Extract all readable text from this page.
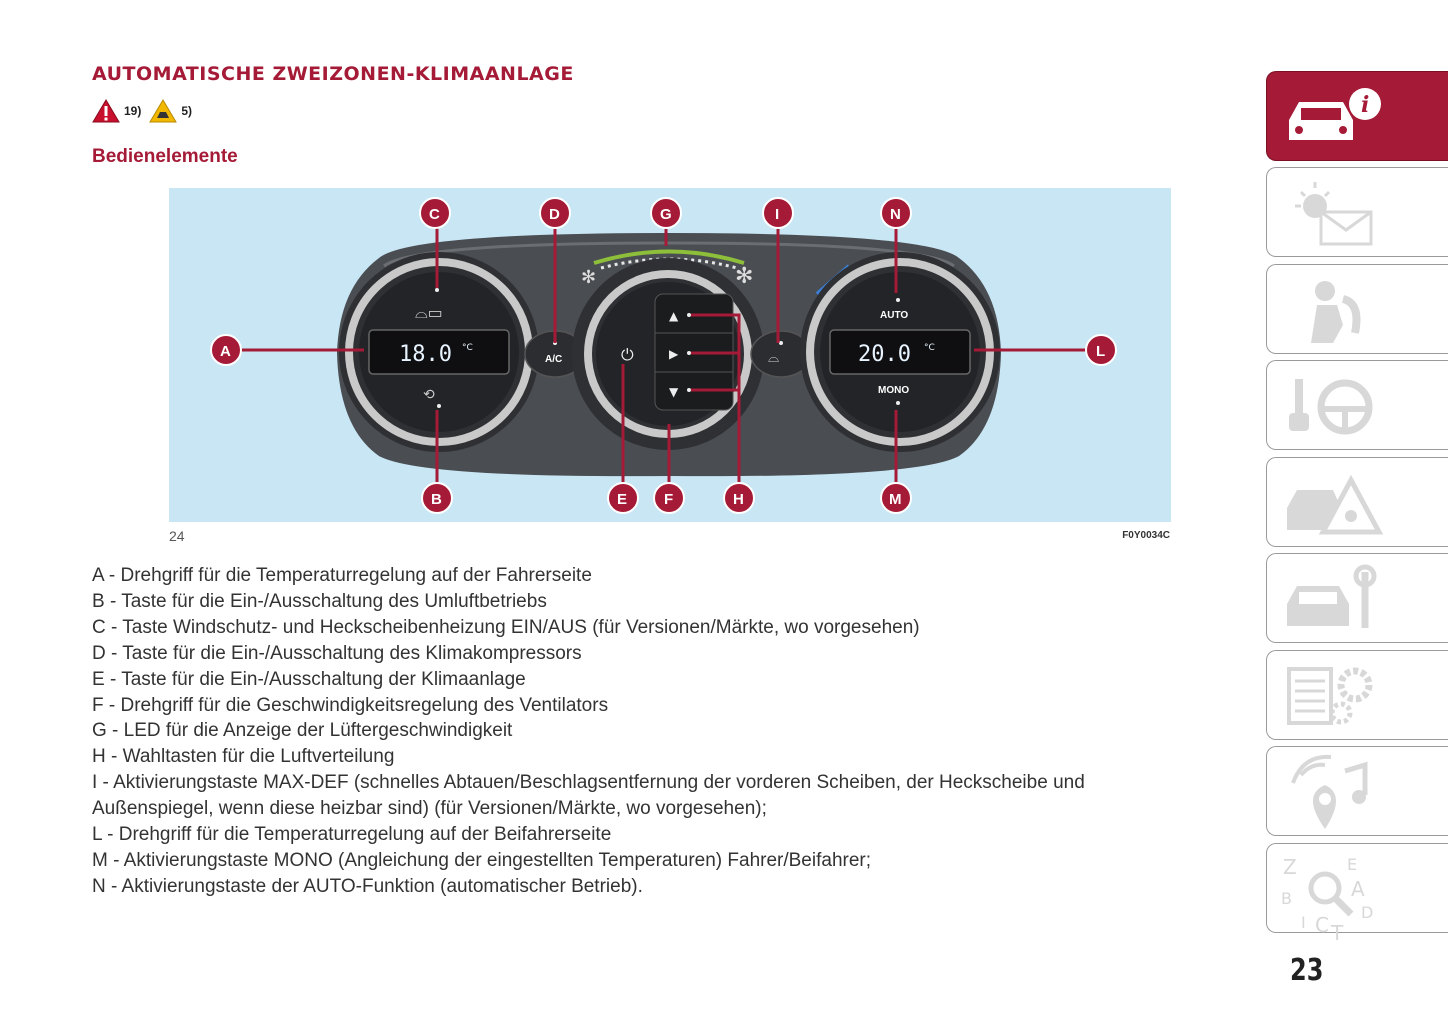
AUTOMATISCHE ZWEIZONEN-KLIMAANLAGE
19)	5)
Bedienelemente
✻	✻
18.0 °C
⌓▭
⟲
A/C
▲
▶
▼
⏻	⌓	20.0 °C
AUTO
MONO
A
B
C	D
E F
G
H
I
L
M
N
24	F0Y0034C
A - Drehgriff für die Temperaturregelung auf der Fahrerseite
B - Taste für die Ein-/Ausschaltung des Umluftbetriebs
C - Taste Windschutz- und Heckscheibenheizung EIN/AUS (für Versionen/Märkte, wo vorgesehen)
D - Taste für die Ein-/Ausschaltung des Klimakompressors
E - Taste für die Ein-/Ausschaltung der Klimaanlage
F - Drehgriff für die Geschwindigkeitsregelung des Ventilators
G - LED für die Anzeige der Lüftergeschwindigkeit
H - Wahltasten für die Luftverteilung
I - Aktivierungstaste MAX-DEF (schnelles Abtauen/Beschlagsentfernung der vorderen Scheiben, der Heckscheibe und Außenspiegel, wenn diese heizbar sind) (für Versionen/Märkte, wo vorgesehen);
L - Drehgriff für die Temperaturregelung auf der Beifahrerseite
M - Aktivierungstaste MONO (Angleichung der eingestellten Temperaturen) Fahrer/Beifahrer;
N - Aktivierungstaste der AUTO-Funktion (automatischer Betrieb).
i
Z	E
A
B
I C T
D
23
